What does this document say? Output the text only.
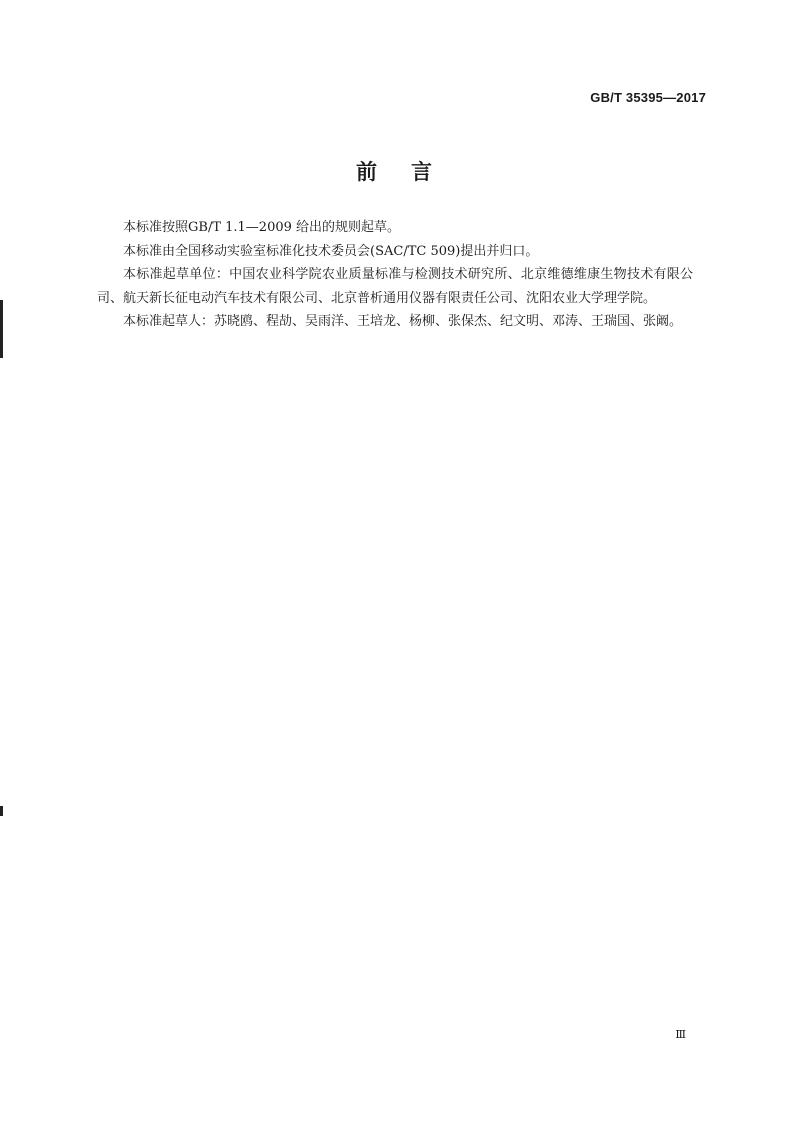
GB/T 35395—2017
前言

本标准按照GB/T 1.1—2009 给出的规则起草。

本标准由全国移动实验室标准化技术委员会(SAC/TC 509)提出并归口。

本标准起草单位：中国农业科学院农业质量标准与检测技术研究所、北京维德维康生物技术有限公司、航天新长征电动汽车技术有限公司、北京普析通用仪器有限责任公司、沈阳农业大学理学院。

本标准起草人：苏晓鸥、程劼、吴雨洋、王培龙、杨柳、张保杰、纪文明、邓涛、王瑞国、张阚。

Ⅲ
